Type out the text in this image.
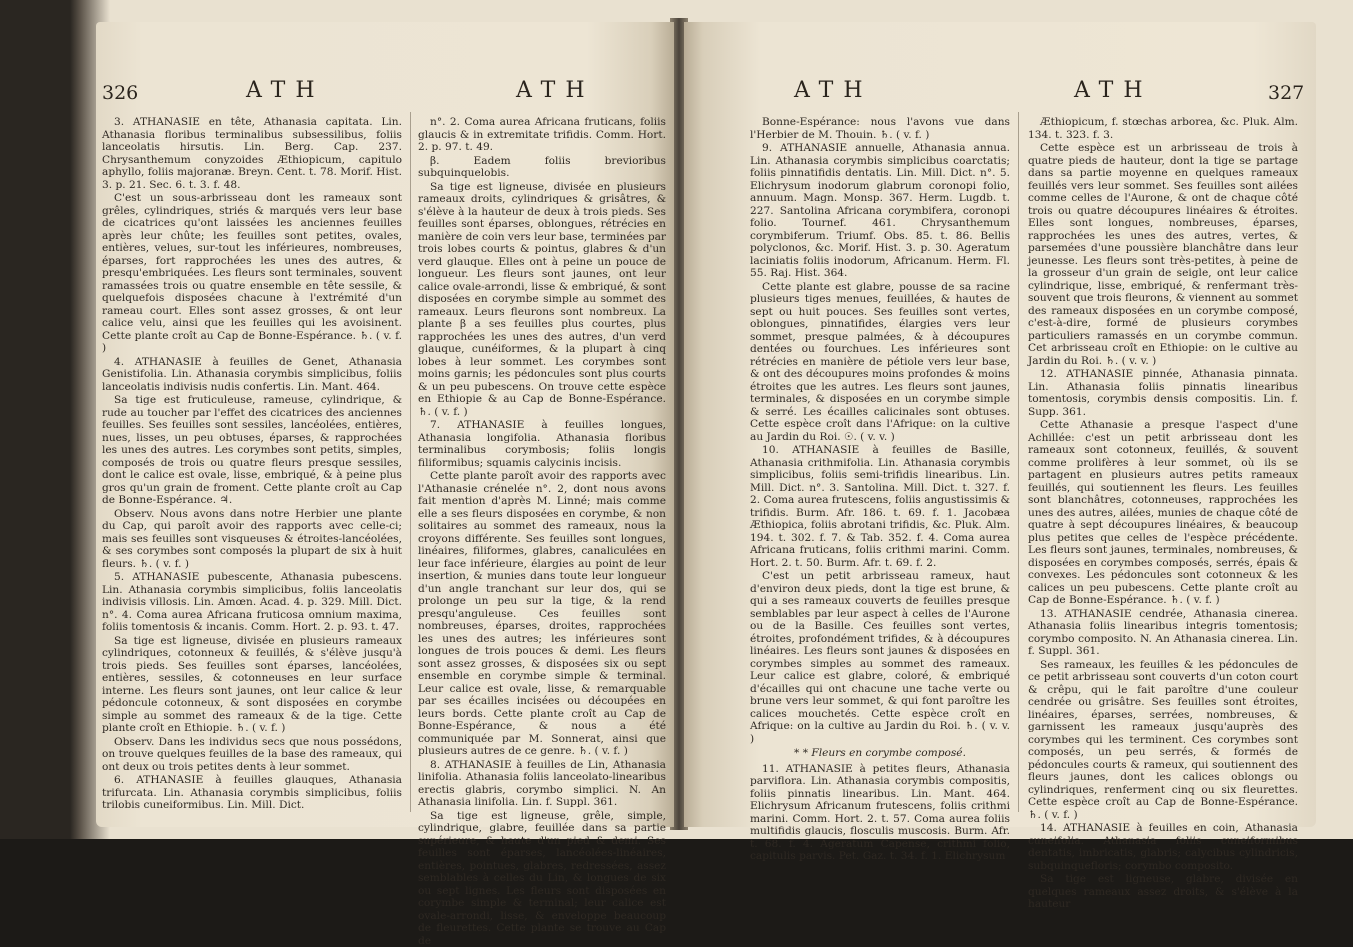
326	ATH	ATH

3. ATHANASIE en tête, Athanasia capitata. Lin. Athanasia floribus terminalibus subsessilibus, foliis lanceolatis hirsutis. Lin. Berg. Cap. 237. Chrysanthemum conyzoides Æthiopicum, capitulo aphyllo, foliis majoranæ. Breyn. Cent. t. 78. Morif. Hist. 3. p. 21. Sec. 6. t. 3. f. 48.

C'est un sous-arbrisseau dont les rameaux sont grêles, cylindriques, striés & marqués vers leur base de cicatrices qu'ont laissées les anciennes feuilles après leur chûte; les feuilles sont petites, ovales, entières, velues, sur-tout les inférieures, nombreuses, éparses, fort rapprochées les unes des autres, & presqu'embriquées. Les fleurs sont terminales, souvent ramassées trois ou quatre ensemble en tête sessile, & quelquefois disposées chacune à l'extrémité d'un rameau court. Elles sont assez grosses, & ont leur calice velu, ainsi que les feuilles qui les avoisinent. Cette plante croît au Cap de Bonne-Espérance. ♄. ( v. f. )

4. ATHANASIE à feuilles de Genet, Athanasia Genistifolia. Lin. Athanasia corymbis simplicibus, foliis lanceolatis indivisis nudis confertis. Lin. Mant. 464.

Sa tige est fruticuleuse, rameuse, cylindrique, & rude au toucher par l'effet des cicatrices des anciennes feuilles. Ses feuilles sont sessiles, lancéolées, entières, nues, lisses, un peu obtuses, éparses, & rapprochées les unes des autres. Les corymbes sont petits, simples, composés de trois ou quatre fleurs presque sessiles, dont le calice est ovale, lisse, embriqué, & à peine plus gros qu'un grain de froment. Cette plante croît au Cap de Bonne-Espérance. ♃.

Observ. Nous avons dans notre Herbier une plante du Cap, qui paroît avoir des rapports avec celle-ci; mais ses feuilles sont visqueuses & étroites-lancéolées, & ses corymbes sont composés la plupart de six à huit fleurs. ♄. ( v. f. )

5. ATHANASIE pubescente, Athanasia pubescens. Lin. Athanasia corymbis simplicibus, foliis lanceolatis indivisis villosis. Lin. Amœn. Acad. 4. p. 329. Mill. Dict. n°. 4. Coma aurea Africana fruticosa omnium maxima, foliis tomentosis & incanis. Comm. Hort. 2. p. 93. t. 47.

Sa tige est ligneuse, divisée en plusieurs rameaux cylindriques, cotonneux & feuillés, & s'élève jusqu'à trois pieds. Ses feuilles sont éparses, lancéolées, entières, sessiles, & cotonneuses en leur surface interne. Les fleurs sont jaunes, ont leur calice & leur pédoncule cotonneux, & sont disposées en corymbe simple au sommet des rameaux & de la tige. Cette plante croît en Ethiopie. ♄. ( v. f. )

Observ. Dans les individus secs que nous possédons, on trouve quelques feuilles de la base des rameaux, qui ont deux ou trois petites dents à leur sommet.

6. ATHANASIE à feuilles glauques, Athanasia trifurcata. Lin. Athanasia corymbis simplicibus, foliis trilobis cuneiformibus. Lin. Mill. Dict.

n°. 2. Coma aurea Africana fruticans, foliis glaucis & in extremitate trifidis. Comm. Hort. 2. p. 97. t. 49.

β. Eadem foliis brevioribus subquinquelobis.

Sa tige est ligneuse, divisée en plusieurs rameaux droits, cylindriques & grisâtres, & s'élève à la hauteur de deux à trois pieds. Ses feuilles sont éparses, oblongues, rétrécies en manière de coin vers leur base, terminées par trois lobes courts & pointus, glabres & d'un verd glauque. Elles ont à peine un pouce de longueur. Les fleurs sont jaunes, ont leur calice ovale-arrondi, lisse & embriqué, & sont disposées en corymbe simple au sommet des rameaux. Leurs fleurons sont nombreux. La plante β a ses feuilles plus courtes, plus rapprochées les unes des autres, d'un verd glauque, cunéiformes, & la plupart à cinq lobes à leur sommet. Les corymbes sont moins garnis; les pédoncules sont plus courts & un peu pubescens. On trouve cette espèce en Ethiopie & au Cap de Bonne-Espérance. ♄. ( v. f. )

7. ATHANASIE à feuilles longues, Athanasia longifolia. Athanasia floribus terminalibus corymbosis; foliis longis filiformibus; squamis calycinis incisis.

Cette plante paroît avoir des rapports avec l'Athanasie crénelée n°. 2, dont nous avons fait mention d'après M. Linné; mais comme elle a ses fleurs disposées en corymbe, & non solitaires au sommet des rameaux, nous la croyons différente. Ses feuilles sont longues, linéaires, filiformes, glabres, canaliculées en leur face inférieure, élargies au point de leur insertion, & munies dans toute leur longueur d'un angle tranchant sur leur dos, qui se prolonge un peu sur la tige, & la rend presqu'anguleuse. Ces feuilles sont nombreuses, éparses, droites, rapprochées les unes des autres; les inférieures sont longues de trois pouces & demi. Les fleurs sont assez grosses, & disposées six ou sept ensemble en corymbe simple & terminal. Leur calice est ovale, lisse, & remarquable par ses écailles incisées ou découpées en leurs bords. Cette plante croît au Cap de Bonne-Espérance, & nous a été communiquée par M. Sonnerat, ainsi que plusieurs autres de ce genre. ♄. ( v. f. )

8. ATHANASIE à feuilles de Lin, Athanasia linifolia. Athanasia foliis lanceolato-linearibus erectis glabris, corymbo simplici. N. An Athanasia linifolia. Lin. f. Suppl. 361.

Sa tige est ligneuse, grêle, simple, cylindrique, glabre, feuillée dans sa partie supérieure, & haute d'un pied & demi. Ses feuilles sont éparses, lancéolées-linéaires, entières, pointues, glabres, redressées, assez semblables à celles du Lin, & longues de six ou sept lignes. Les fleurs sont disposées en corymbe simple & terminal; leur calice est ovale-arrondi, lisse, & enveloppe beaucoup de fleurettes. Cette plante se trouve au Cap de

ATH	ATH	327

Bonne-Espérance: nous l'avons vue dans l'Herbier de M. Thouin. ♄. ( v. f. )

9. ATHANASIE annuelle, Athanasia annua. Lin. Athanasia corymbis simplicibus coarctatis; foliis pinnatifidis dentatis. Lin. Mill. Dict. n°. 5. Elichrysum inodorum glabrum coronopi folio, annuum. Magn. Monsp. 367. Herm. Lugdb. t. 227. Santolina Africana corymbifera, coronopi folio. Tournef. 461. Chrysanthemum corymbiferum. Triumf. Obs. 85. t. 86. Bellis polyclonos, &c. Morif. Hist. 3. p. 30. Ageratum laciniatis foliis inodorum, Africanum. Herm. Fl. 55. Raj. Hist. 364.

Cette plante est glabre, pousse de sa racine plusieurs tiges menues, feuillées, & hautes de sept ou huit pouces. Ses feuilles sont vertes, oblongues, pinnatifides, élargies vers leur sommet, presque palmées, & à découpures dentées ou fourchues. Les inférieures sont rétrécies en manière de pétiole vers leur base, & ont des découpures moins profondes & moins étroites que les autres. Les fleurs sont jaunes, terminales, & disposées en un corymbe simple & serré. Les écailles calicinales sont obtuses. Cette espèce croît dans l'Afrique: on la cultive au Jardin du Roi. ☉. ( v. v. )

10. ATHANASIE à feuilles de Basille, Athanasia crithmifolia. Lin. Athanasia corymbis simplicibus, foliis semi-trifidis linearibus. Lin. Mill. Dict. n°. 3. Santolina. Mill. Dict. t. 327. f. 2. Coma aurea frutescens, foliis angustissimis & trifidis. Burm. Afr. 186. t. 69. f. 1. Jacobæa Æthiopica, foliis abrotani trifidis, &c. Pluk. Alm. 194. t. 302. f. 7. & Tab. 352. f. 4. Coma aurea Africana fruticans, foliis crithmi marini. Comm. Hort. 2. t. 50. Burm. Afr. t. 69. f. 2.

C'est un petit arbrisseau rameux, haut d'environ deux pieds, dont la tige est brune, & qui a ses rameaux couverts de feuilles presque semblables par leur aspect à celles de l'Aurone ou de la Basille. Ces feuilles sont vertes, étroites, profondément trifides, & à découpures linéaires. Les fleurs sont jaunes & disposées en corymbes simples au sommet des rameaux. Leur calice est glabre, coloré, & embriqué d'écailles qui ont chacune une tache verte ou brune vers leur sommet, & qui font paroître les calices mouchetés. Cette espèce croît en Afrique: on la cultive au Jardin du Roi. ♄. ( v. v. )

* * Fleurs en corymbe composé.

11. ATHANASIE à petites fleurs, Athanasia parviflora. Lin. Athanasia corymbis compositis, foliis pinnatis linearibus. Lin. Mant. 464. Elichrysum Africanum frutescens, foliis crithmi marini. Comm. Hort. 2. t. 57. Coma aurea foliis multifidis glaucis, flosculis muscosis. Burm. Afr. t. 68. f. 4. Ageratum Capense, crithmi folio, capitulis parvis. Pet. Gaz. t. 34. f. 1. Elichrysum

Æthiopicum, f. stœchas arborea, &c. Pluk. Alm. 134. t. 323. f. 3.

Cette espèce est un arbrisseau de trois à quatre pieds de hauteur, dont la tige se partage dans sa partie moyenne en quelques rameaux feuillés vers leur sommet. Ses feuilles sont ailées comme celles de l'Aurone, & ont de chaque côté trois ou quatre découpures linéaires & étroites. Elles sont longues, nombreuses, éparses, rapprochées les unes des autres, vertes, & parsemées d'une poussière blanchâtre dans leur jeunesse. Les fleurs sont très-petites, à peine de la grosseur d'un grain de seigle, ont leur calice cylindrique, lisse, embriqué, & renfermant très-souvent que trois fleurons, & viennent au sommet des rameaux disposées en un corymbe composé, c'est-à-dire, formé de plusieurs corymbes particuliers ramassés en un corymbe commun. Cet arbrisseau croît en Ethiopie: on le cultive au Jardin du Roi. ♄. ( v. v. )

12. ATHANASIE pinnée, Athanasia pinnata. Lin. Athanasia foliis pinnatis linearibus tomentosis, corymbis densis compositis. Lin. f. Supp. 361.

Cette Athanasie a presque l'aspect d'une Achillée: c'est un petit arbrisseau dont les rameaux sont cotonneux, feuillés, & souvent comme prolifères à leur sommet, où ils se partagent en plusieurs autres petits rameaux feuillés, qui soutiennent les fleurs. Les feuilles sont blanchâtres, cotonneuses, rapprochées les unes des autres, ailées, munies de chaque côté de quatre à sept découpures linéaires, & beaucoup plus petites que celles de l'espèce précédente. Les fleurs sont jaunes, terminales, nombreuses, & disposées en corymbes composés, serrés, épais & convexes. Les pédoncules sont cotonneux & les calices un peu pubescens. Cette plante croît au Cap de Bonne-Espérance. ♄. ( v. f. )

13. ATHANASIE cendrée, Athanasia cinerea. Athanasia foliis linearibus integris tomentosis; corymbo composito. N. An Athanasia cinerea. Lin. f. Suppl. 361.

Ses rameaux, les feuilles & les pédoncules de ce petit arbrisseau sont couverts d'un coton court & crêpu, qui le fait paroître d'une couleur cendrée ou grisâtre. Ses feuilles sont étroites, linéaires, éparses, serrées, nombreuses, & garnissent les rameaux jusqu'auprès des corymbes qui les terminent. Ces corymbes sont composés, un peu serrés, & formés de pédoncules courts & rameux, qui soutiennent des fleurs jaunes, dont les calices oblongs ou cylindriques, renferment cinq ou six fleurettes. Cette espèce croît au Cap de Bonne-Espérance. ♄. ( v. f. )

14. ATHANASIE à feuilles en coin, Athanasia cuneifolia. Athanasia foliis cuneiformibus dentatis, imbricatis, glabris; calycibus cylindricis, subquinquefloris; corymbo composito.

Sa tige est ligneuse, glabre, divisée en quelques rameaux assez droits, & s'élève à la hauteur
